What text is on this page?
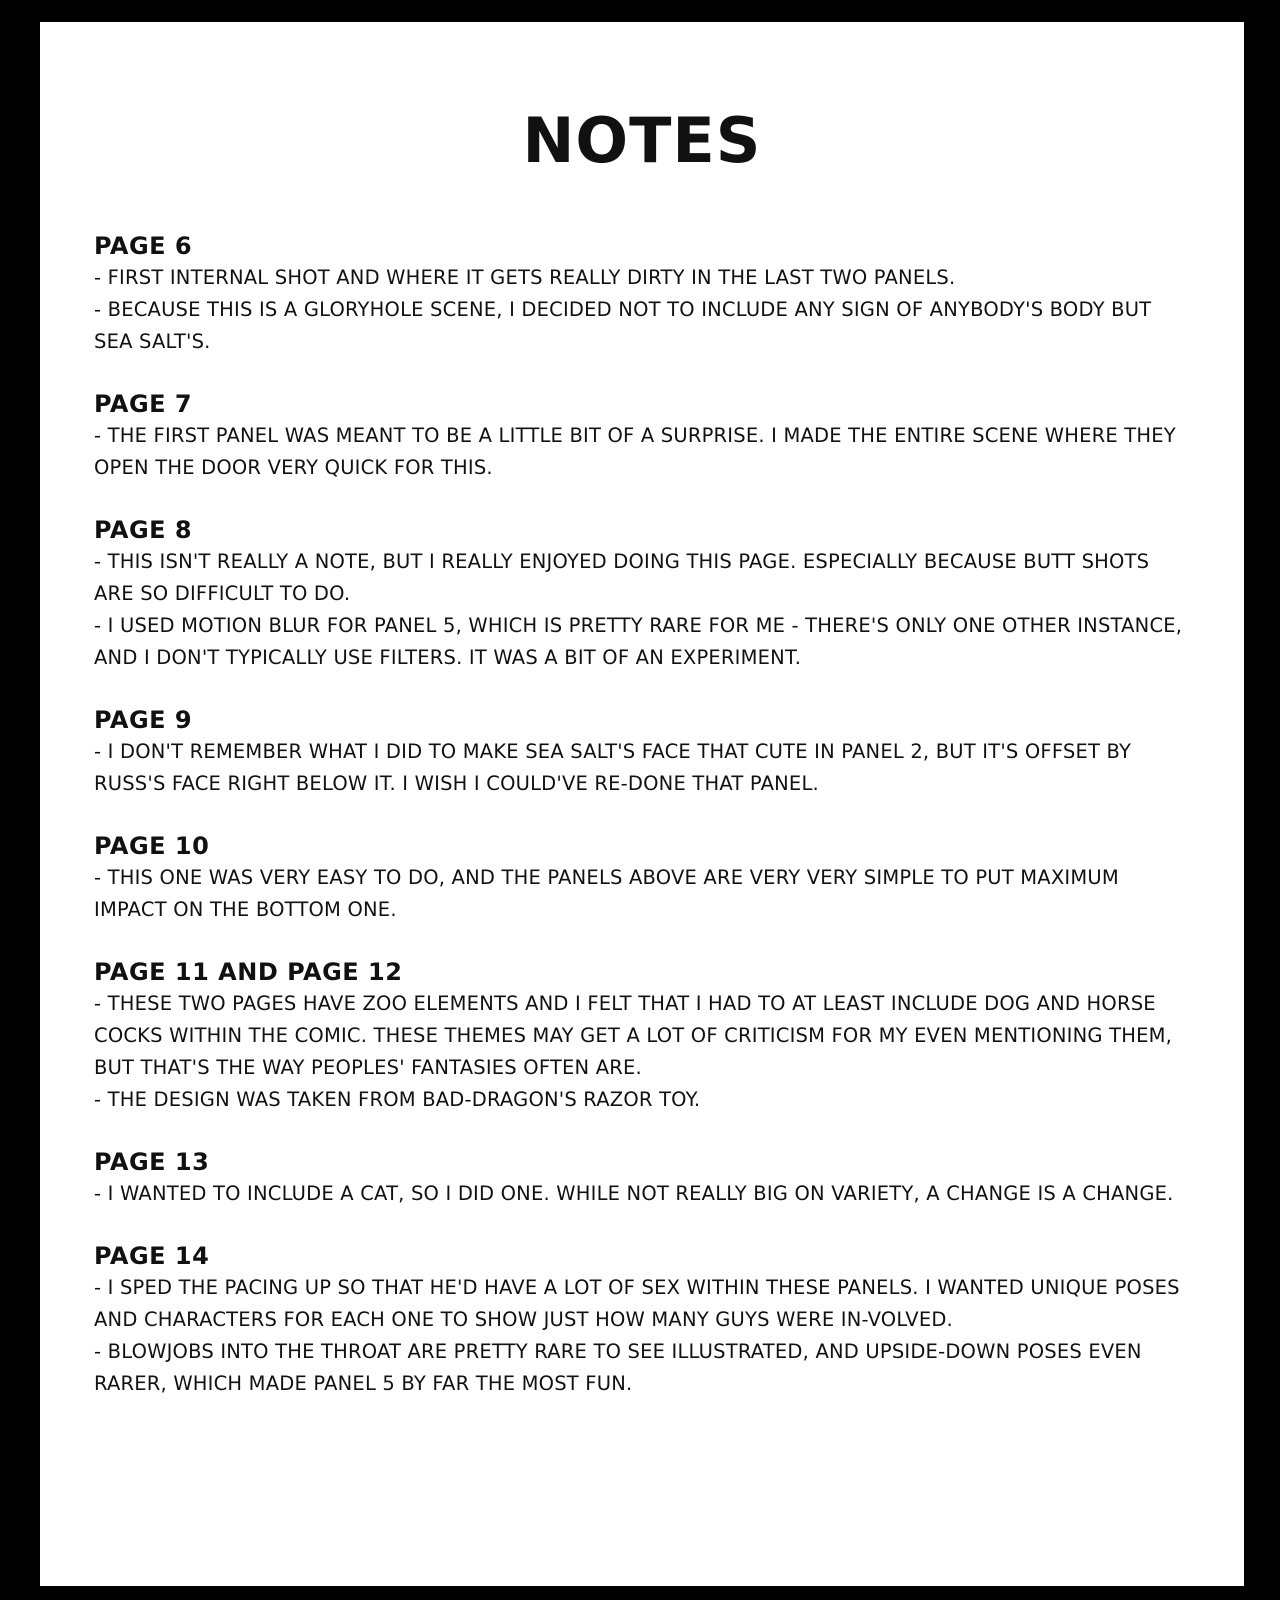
NOTES
PAGE 6
- FIRST INTERNAL SHOT AND WHERE IT GETS REALLY DIRTY IN THE LAST TWO PANELS.
- BECAUSE THIS IS A GLORYHOLE SCENE, I DECIDED NOT TO INCLUDE ANY SIGN OF ANYBODY'S BODY BUT SEA SALT'S.
PAGE 7
- THE FIRST PANEL WAS MEANT TO BE A LITTLE BIT OF A SURPRISE. I MADE THE ENTIRE SCENE WHERE THEY OPEN THE DOOR VERY QUICK FOR THIS.
PAGE 8
- THIS ISN'T REALLY A NOTE, BUT I REALLY ENJOYED DOING THIS PAGE. ESPECIALLY BECAUSE BUTT SHOTS ARE SO DIFFICULT TO DO.
- I USED MOTION BLUR FOR PANEL 5, WHICH IS PRETTY RARE FOR ME - THERE'S ONLY ONE OTHER INSTANCE, AND I DON'T TYPICALLY USE FILTERS. IT WAS A BIT OF AN EXPERIMENT.
PAGE 9
- I DON'T REMEMBER WHAT I DID TO MAKE SEA SALT'S FACE THAT CUTE IN PANEL 2, BUT IT'S OFFSET BY RUSS'S FACE RIGHT BELOW IT. I WISH I COULD'VE RE-DONE THAT PANEL.
PAGE 10
- THIS ONE WAS VERY EASY TO DO, AND THE PANELS ABOVE ARE VERY VERY SIMPLE TO PUT MAXIMUM IMPACT ON THE BOTTOM ONE.
PAGE 11 AND PAGE 12
- THESE TWO PAGES HAVE ZOO ELEMENTS AND I FELT THAT I HAD TO AT LEAST INCLUDE DOG AND HORSE COCKS WITHIN THE COMIC. THESE THEMES MAY GET A LOT OF CRITICISM FOR MY EVEN MENTIONING THEM, BUT THAT'S THE WAY PEOPLES' FANTASIES OFTEN ARE.
- THE DESIGN WAS TAKEN FROM BAD-DRAGON'S RAZOR TOY.
PAGE 13
- I WANTED TO INCLUDE A CAT, SO I DID ONE. WHILE NOT REALLY BIG ON VARIETY, A CHANGE IS A CHANGE.
PAGE 14
- I SPED THE PACING UP SO THAT HE'D HAVE A LOT OF SEX WITHIN THESE PANELS. I WANTED UNIQUE POSES AND CHARACTERS FOR EACH ONE TO SHOW JUST HOW MANY GUYS WERE IN-VOLVED.
- BLOWJOBS INTO THE THROAT ARE PRETTY RARE TO SEE ILLUSTRATED, AND UPSIDE-DOWN POSES EVEN RARER, WHICH MADE PANEL 5 BY FAR THE MOST FUN.
